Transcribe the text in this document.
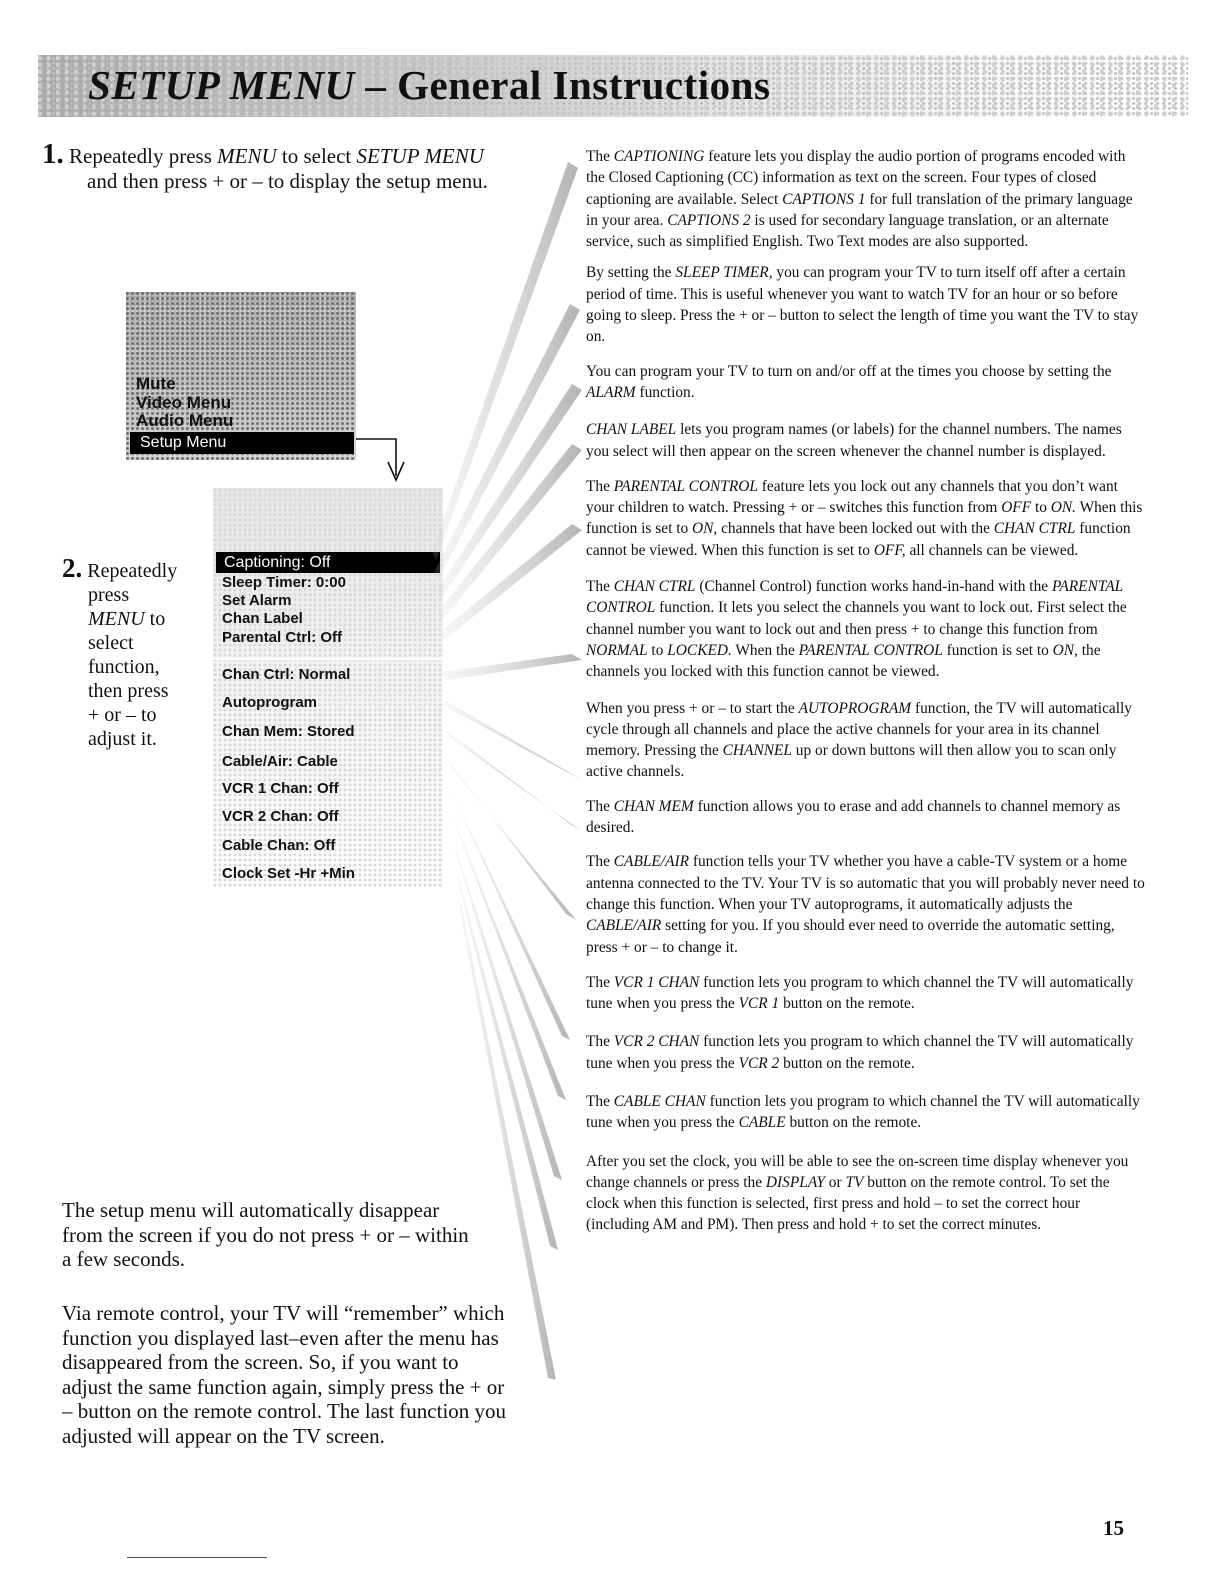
SETUP MENU – General Instructions
1. Repeatedly press MENU to select SETUP MENU
and then press + or – to display the setup menu.
Mute
Video Menu
Audio Menu
Setup Menu
2. Repeatedly
press
MENU to
select
function,
then press
+ or – to
adjust it.
Captioning: Off
Sleep Timer: 0:00
Set Alarm
Chan Label
Parental Ctrl: Off
Chan Ctrl: Normal
Autoprogram
Chan Mem: Stored
Cable/Air: Cable
VCR 1 Chan: Off
VCR 2 Chan: Off
Cable Chan: Off
Clock Set -Hr +Min

The setup menu will automatically disappear from the screen if you do not press + or – within a few seconds.

Via remote control, your TV will “remember” which function you displayed last–even after the menu has disappeared from the screen. So, if you want to adjust the same function again, simply press the + or – button on the remote control. The last function you adjusted will appear on the TV screen.

The CAPTIONING feature lets you display the audio portion of programs encoded with the Closed Captioning (CC) information as text on the screen. Four types of closed captioning are available. Select CAPTIONS 1 for full translation of the primary language in your area. CAPTIONS 2 is used for secondary language translation, or an alternate service, such as simplified English. Two Text modes are also supported.

By setting the SLEEP TIMER, you can program your TV to turn itself off after a certain period of time. This is useful whenever you want to watch TV for an hour or so before going to sleep. Press the + or – button to select the length of time you want the TV to stay on.

You can program your TV to turn on and/or off at the times you choose by setting the ALARM function.

CHAN LABEL lets you program names (or labels) for the channel numbers. The names you select will then appear on the screen whenever the channel number is displayed.

The PARENTAL CONTROL feature lets you lock out any channels that you don’t want your children to watch. Pressing + or – switches this function from OFF to ON. When this function is set to ON, channels that have been locked out with the CHAN CTRL function cannot be viewed. When this function is set to OFF, all channels can be viewed.

The CHAN CTRL (Channel Control) function works hand-in-hand with the PARENTAL CONTROL function. It lets you select the channels you want to lock out. First select the channel number you want to lock out and then press + to change this function from NORMAL to LOCKED. When the PARENTAL CONTROL function is set to ON, the channels you locked with this function cannot be viewed.

When you press + or – to start the AUTOPROGRAM function, the TV will automatically cycle through all channels and place the active channels for your area in its channel memory. Pressing the CHANNEL up or down buttons will then allow you to scan only active channels.

The CHAN MEM function allows you to erase and add channels to channel memory as desired.

The CABLE/AIR function tells your TV whether you have a cable-TV system or a home antenna connected to the TV. Your TV is so automatic that you will probably never need to change this function. When your TV autoprograms, it automatically adjusts the CABLE/AIR setting for you. If you should ever need to override the automatic setting, press + or – to change it.

The VCR 1 CHAN function lets you program to which channel the TV will automatically tune when you press the VCR 1 button on the remote.

The VCR 2 CHAN function lets you program to which channel the TV will automatically tune when you press the VCR 2 button on the remote.

The CABLE CHAN function lets you program to which channel the TV will automatically tune when you press the CABLE button on the remote.

After you set the clock, you will be able to see the on-screen time display whenever you change channels or press the DISPLAY or TV button on the remote control. To set the clock when this function is selected, first press and hold – to set the correct hour (including AM and PM). Then press and hold + to set the correct minutes.

15
